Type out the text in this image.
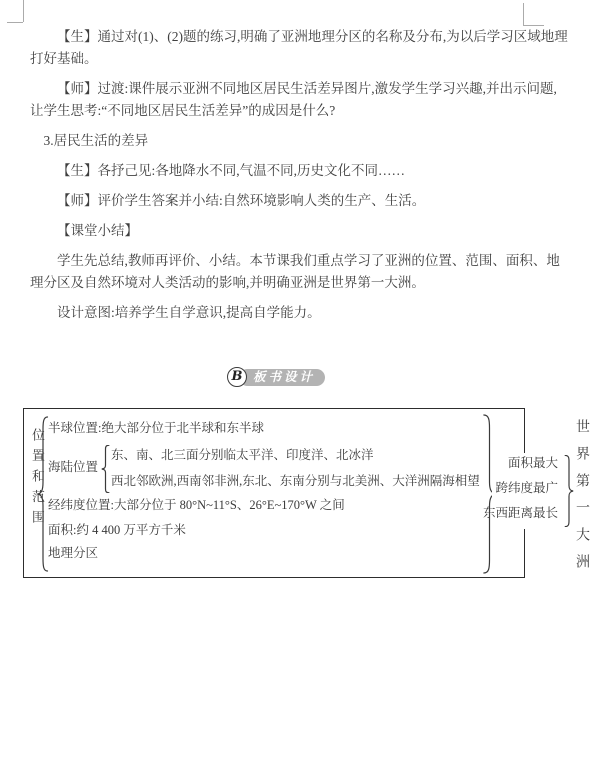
【生】通过对(1)、(2)题的练习,明确了亚洲地理分区的名称及分布,为以后学习区域地理
打好基础。
【师】过渡:课件展示亚洲不同地区居民生活差异图片,激发学生学习兴趣,并出示问题,
让学生思考:“不同地区居民生活差异”的成因是什么?
3.居民生活的差异
【生】各抒己见:各地降水不同,气温不同,历史文化不同……
【师】评价学生答案并小结:自然环境影响人类的生产、生活。
【课堂小结】
学生先总结,教师再评价、小结。本节课我们重点学习了亚洲的位置、范围、面积、地
理分区及自然环境对人类活动的影响,并明确亚洲是世界第一大洲。
设计意图:培养学生自学意识,提高自学能力。
板书设计
B
位置和范围 半球位置:绝大部分位于北半球和东半球
海陆位置
东、南、北三面分别临太平洋、印度洋、北冰洋
西北邻欧洲,西南邻非洲,东北、东南分别与北美洲、大洋洲隔海相望
经纬度位置:大部分位于 80°N~11°S、26°E~170°W 之间
面积:约 4 400 万平方千米
地理分区
面积最大
跨纬度最广
东西距离最长 世界第一大洲
